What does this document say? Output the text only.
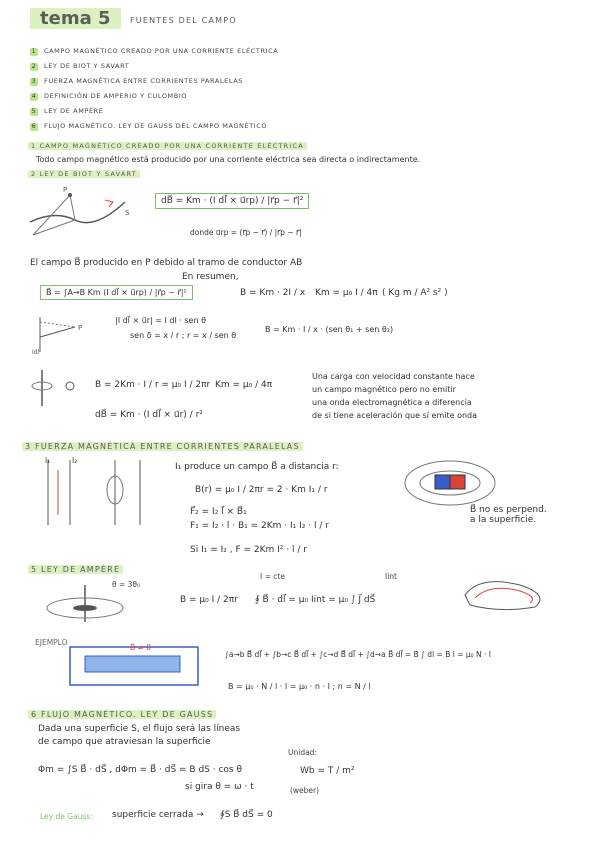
tema 5	FUENTES DEL CAMPO
1 CAMPO MAGNÉTICO CREADO POR UNA CORRIENTE ELÉCTRICA
2 LEY DE BIOT Y SAVART
3 FUERZA MAGNÉTICA ENTRE CORRIENTES PARALELAS
4 DEFINICIÓN DE AMPERIO Y CULOMBIO
5 LEY DE AMPÈRE
6 FLUJO MAGNÉTICO. LEY DE GAUSS DEL CAMPO MAGNÉTICO
1 CAMPO MAGNÉTICO CREADO POR UNA CORRIENTE ELÉCTRICA
Todo campo magnético está producido por una corriente eléctrica sea directa o indirectamente.
2 LEY DE BIOT Y SAVART
P
S
dB⃗ = Km · (I dl⃗ × u⃗rp) / |r⃗p − r⃗|²
donde u⃗rp = (r⃗p − r⃗) / |r⃗p − r⃗|
El campo B⃗ producido en P debido al tramo de conductor AB
B⃗ = ∫A→B Km (I dl⃗ × u⃗rp) / |r⃗p − r⃗|²
En resumen,
B = Km · 2I / x Km = μ₀ I / 4π ( Kg m / A² s² )
P
Idl
|I dl⃗ × u⃗r| = I dl · sen θ
sen δ = x / r ; r = x / sen θ
B = Km · I / x · (sen θ₁ + sen θ₂)
B = 2Km · I / r = μ₀ I / 2πr Km = μ₀ / 4π
dB⃗ = Km · (I dl⃗ × u⃗r) / r²
Una carga con velocidad constante hace
un campo magnético pero no emitir
una onda electromagnética a diferencia
de si tiene aceleración que sí emite onda
3 FUERZA MAGNÉTICA ENTRE CORRIENTES PARALELAS
I₁	I₂
I₁ produce un campo B⃗ a distancia r:
B(r) = μ₀ I / 2πr = 2 · Km I₁ / r
F⃗₂ = I₂ l⃗ × B⃗₁
F₁ = I₂ · l · B₁ = 2Km · I₁ I₂ · l / r
Si I₁ = I₂ , F = 2Km I² · l / r
B⃗ no es perpend.
a la superficie.
5 LEY DE AMPÈRE
θ = 3θ₀
B = μ₀ I / 2πr
I = cte
∮ B⃗ · dl⃗ = μ₀ Iint = μ₀ ∫ J⃗ dS⃗
Iint
EJEMPLO
B ≠ 0
∫a→b B⃗ dl⃗ + ∫b→c B⃗ dl⃗ + ∫c→d B⃗ dl⃗ + ∫d→a B⃗ dl⃗ = B ∫ dl = B l = μ₀ N · I
B = μ₀ · N / l · I = μ₀ · n · I ; n = N / l
6 FLUJO MAGNÉTICO. LEY DE GAUSS
Dada una superficie S, el flujo será las líneas
de campo que atraviesan la superficie
Φm = ∫S B⃗ · dS⃗ , dΦm = B⃗ · dS⃗ = B dS · cos θ
si gira θ = ω · t
Unidad:
Wb = T / m²
(weber)
Ley de Gauss: superficie cerrada → ∮S B⃗ dS⃗ = 0
